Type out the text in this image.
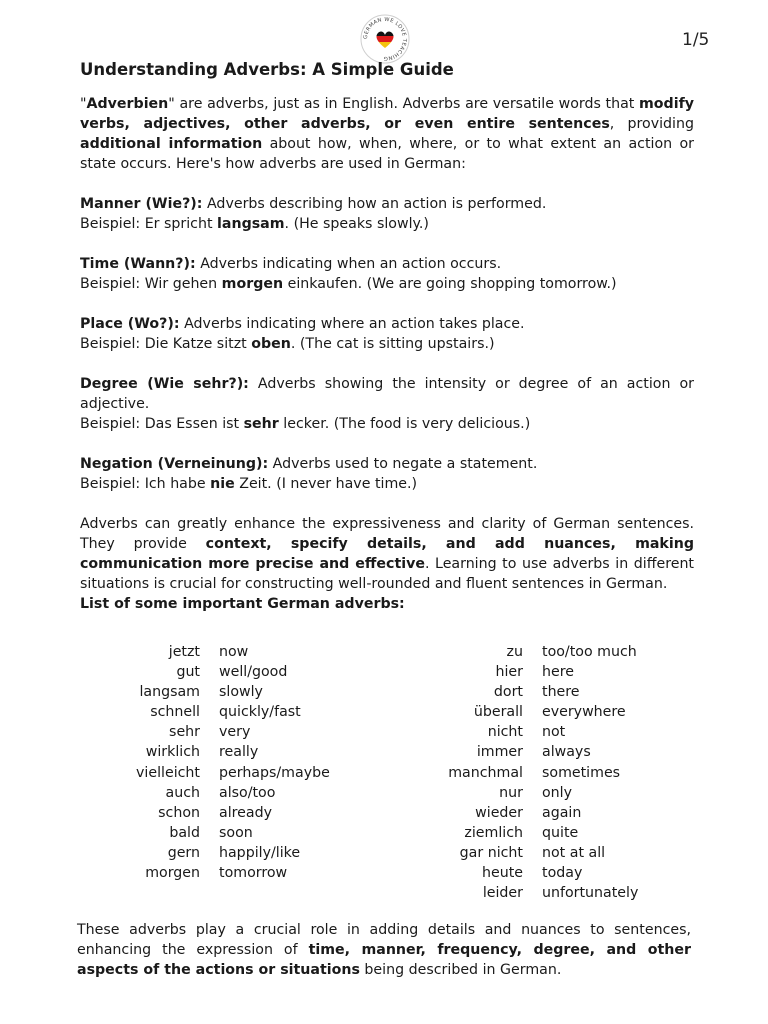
GERMAN WE LOVE TEACHING
1/5
Understanding Adverbs: A Simple Guide

"Adverbien" are adverbs, just as in English. Adverbs are versatile words that modify verbs, adjectives, other adverbs, or even entire sentences, providing additional information about how, when, where, or to what extent an action or state occurs. Here's how adverbs are used in German:

Manner (Wie?): Adverbs describing how an action is performed.

Beispiel: Er spricht langsam. (He speaks slowly.)

Time (Wann?): Adverbs indicating when an action occurs.

Beispiel: Wir gehen morgen einkaufen. (We are going shopping tomorrow.)

Place (Wo?): Adverbs indicating where an action takes place.

Beispiel: Die Katze sitzt oben. (The cat is sitting upstairs.)

Degree (Wie sehr?): Adverbs showing the intensity or degree of an action or adjective.

Beispiel: Das Essen ist sehr lecker. (The food is very delicious.)

Negation (Verneinung): Adverbs used to negate a statement.

Beispiel: Ich habe nie Zeit. (I never have time.)

Adverbs can greatly enhance the expressiveness and clarity of German sentences. They provide context, specify details, and add nuances, making communication more precise and effective. Learning to use adverbs in different situations is crucial for constructing well-rounded and fluent sentences in German.

List of some important German adverbs:

jetzt
gut
langsam
schnell
sehr
wirklich
vielleicht
auch
schon
bald
gern
morgen
now
well/good
slowly
quickly/fast
very
really
perhaps/maybe
also/too
already
soon
happily/like
tomorrow
zu
hier
dort
überall
nicht
immer
manchmal
nur
wieder
ziemlich
gar nicht
heute
leider
too/too much
here
there
everywhere
not
always
sometimes
only
again
quite
not at all
today
unfortunately

These adverbs play a crucial role in adding details and nuances to sentences, enhancing the expression of time, manner, frequency, degree, and other aspects of the actions or situations being described in German.
